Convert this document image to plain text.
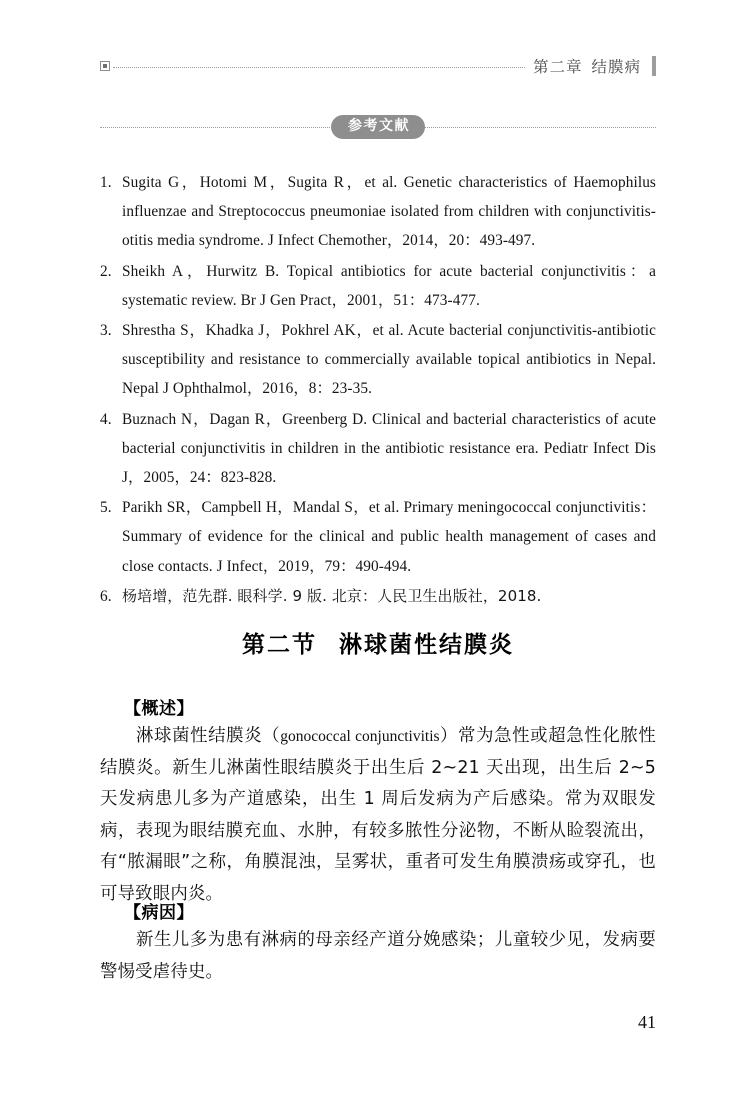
第二章 结膜病
参考文献
1. Sugita G，Hotomi M，Sugita R，et al. Genetic characteristics of Haemophilus influenzae and Streptococcus pneumoniae isolated from children with conjunctivitis-otitis media syndrome. J Infect Chemother，2014，20：493-497.
2. Sheikh A，Hurwitz B. Topical antibiotics for acute bacterial conjunctivitis：a systematic review. Br J Gen Pract，2001，51：473-477.
3. Shrestha S，Khadka J，Pokhrel AK，et al. Acute bacterial conjunctivitis-antibiotic susceptibility and resistance to commercially available topical antibiotics in Nepal. Nepal J Ophthalmol，2016，8：23-35.
4. Buznach N，Dagan R，Greenberg D. Clinical and bacterial characteristics of acute bacterial conjunctivitis in children in the antibiotic resistance era. Pediatr Infect Dis J，2005，24：823-828.
5. Parikh SR，Campbell H，Mandal S，et al. Primary meningococcal conjunctivitis：Summary of evidence for the clinical and public health management of cases and close contacts. J Infect，2019，79：490-494.
6. 杨培增，范先群. 眼科学. 9 版. 北京：人民卫生出版社，2018.
第二节 淋球菌性结膜炎
【概述】

淋球菌性结膜炎（gonococcal conjunctivitis）常为急性或超急性化脓性结膜炎。新生儿淋菌性眼结膜炎于出生后 2~21 天出现，出生后 2~5 天发病患儿多为产道感染，出生 1 周后发病为产后感染。常为双眼发病，表现为眼结膜充血、水肿，有较多脓性分泌物，不断从睑裂流出，有“脓漏眼”之称，角膜混浊，呈雾状，重者可发生角膜溃疡或穿孔，也可导致眼内炎。

【病因】

新生儿多为患有淋病的母亲经产道分娩感染；儿童较少见，发病要警惕受虐待史。

41
